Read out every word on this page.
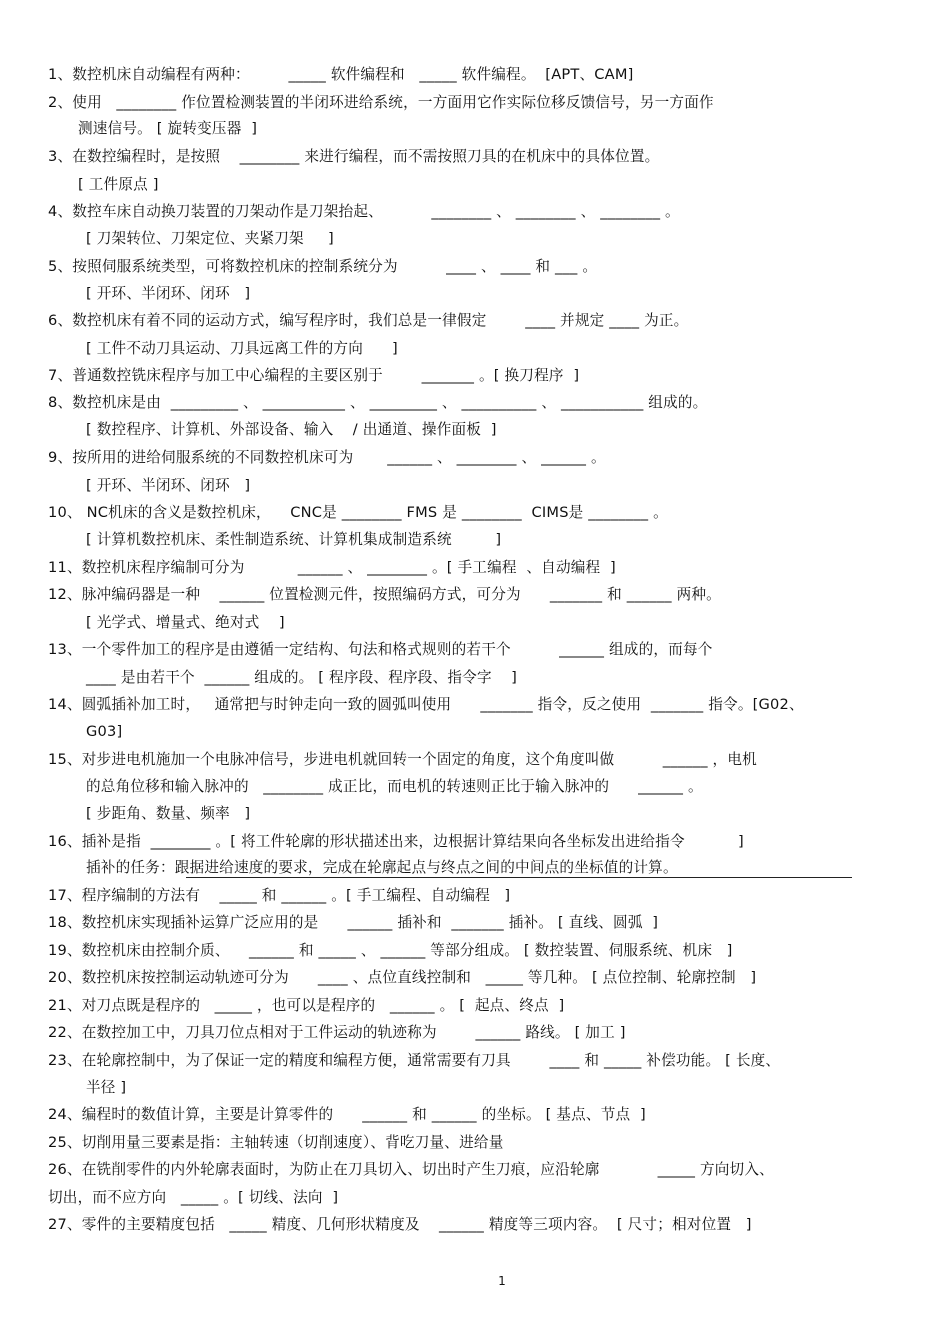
1、数控机床自动编程有两种：        _____ 软件编程和   _____ 软件编程。  [APT、CAM]
2、使用   ________ 作位置检测装置的半闭环进给系统，一方面用它作实际位移反馈信号，另一方面作
测速信号。 [ 旋转变压器  ]
3、在数控编程时，是按照    ________ 来进行编程，而不需按照刀具的在机床中的具体位置。
[ 工件原点 ]
4、数控车床自动换刀装置的刀架动作是刀架抬起、          ________ 、 ________ 、 ________ 。
[ 刀架转位、刀架定位、夹紧刀架     ]
5、按照伺服系统类型，可将数控机床的控制系统分为          ____ 、 ____ 和 ___ 。
[ 开环、半闭环、闭环   ]
6、数控机床有着不同的运动方式，编写程序时，我们总是一律假定        ____ 并规定 ____ 为正。
[ 工件不动刀具运动、刀具远离工件的方向      ]
7、普通数控铣床程序与加工中心编程的主要区别于        _______ 。[ 换刀程序  ]
8、数控机床是由  _________ 、 ___________ 、 _________ 、 __________ 、 ___________ 组成的。
[ 数控程序、计算机、外部设备、输入    / 出通道、操作面板  ]
9、按所用的进给伺服系统的不同数控机床可为       ______ 、 ________ 、 ______ 。
[ 开环、半闭环、闭环   ]
10、 NC机床的含义是数控机床，    CNC是 ________ FMS 是 ________  CIMS是 ________ 。
[ 计算机数控机床、柔性制造系统、计算机集成制造系统         ]
11、数控机床程序编制可分为           ______ 、 ________ 。[ 手工编程  、自动编程  ]
12、脉冲编码器是一种    ______ 位置检测元件，按照编码方式，可分为      _______ 和 ______ 两种。
[ 光学式、增量式、绝对式    ]
13、一个零件加工的程序是由遵循一定结构、句法和格式规则的若干个          ______ 组成的，而每个
____ 是由若干个  ______ 组成的。 [ 程序段、程序段、指令字    ]
14、圆弧插补加工时，   通常把与时钟走向一致的圆弧叫使用      _______ 指令，反之使用  _______ 指令。[G02、
G03]
15、对步进电机施加一个电脉冲信号，步进电机就回转一个固定的角度，这个角度叫做          ______ ，电机
的总角位移和输入脉冲的   ________ 成正比，而电机的转速则正比于输入脉冲的      ______ 。
[ 步距角、数量、频率   ]
16、插补是指  ________ 。[ 将工件轮廓的形状描述出来，边根据计算结果向各坐标发出进给指令           ]
插补的任务：跟据进给速度的要求，完成在轮廓起点与终点之间的中间点的坐标值的计算。
17、程序编制的方法有    _____ 和 ______ 。[ 手工编程、自动编程   ]
18、数控机床实现插补运算广泛应用的是      ______ 插补和  _______ 插补。 [ 直线、圆弧  ]
19、数控机床由控制介质、    ______ 和 _____ 、 ______ 等部分组成。 [ 数控装置、伺服系统、机床   ]
20、数控机床按控制运动轨迹可分为      ____ 、点位直线控制和   _____ 等几种。 [ 点位控制、轮廓控制   ]
21、对刀点既是程序的   _____ ，也可以是程序的   ______ 。 [  起点、终点  ]
22、在数控加工中，刀具刀位点相对于工件运动的轨迹称为        ______ 路线。 [ 加工 ]
23、在轮廓控制中，为了保证一定的精度和编程方便，通常需要有刀具        ____ 和 _____ 补偿功能。 [ 长度、
半径 ]
24、编程时的数值计算，主要是计算零件的      ______ 和 ______ 的坐标。 [ 基点、节点  ]
25、切削用量三要素是指：主轴转速（切削速度）、背吃刀量、进给量
26、在铣削零件的内外轮廓表面时，为防止在刀具切入、切出时产生刀痕，应沿轮廓            _____ 方向切入、
切出，而不应方向   _____ 。[ 切线、法向  ]
27、零件的主要精度包括   _____ 精度、几何形状精度及    ______ 精度等三项内容。  [ 尺寸；相对位置   ]
1
